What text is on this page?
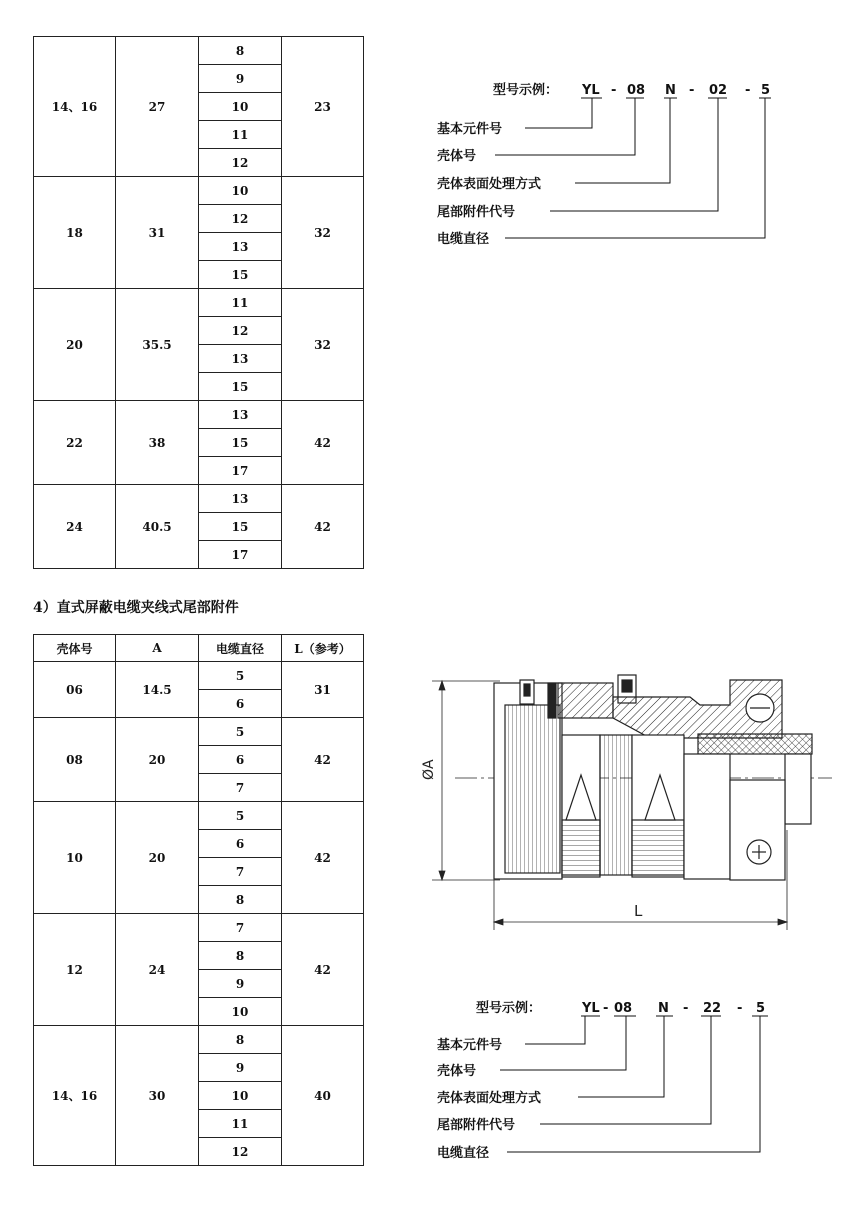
14、16	27	8	23
		9	
		10	
		11	
		12	
18	31	10	32
		12	
		13	
		15	
20	35.5	11	32
		12	
		13	
		15	
22	38	13	42
		15	
		17	
24	40.5	13	42
		15	
		17	
4）直式屏蔽电缆夹线式尾部附件
壳体号	A	电缆直径	L（参考）
06	14.5	5	31
		6	
08	20	5	42
		6	
		7	
10	20	5	42
		6	
		7	
		8	
12	24	7	42
		8	
		9	
		10	
14、16	30	8	40
		9	
		10	
		11	
		12	
型号示例： YL - 08 N - 02 - 5
基本元件号
壳体号
壳体表面处理方式
尾部附件代号
电缆直径
ØA
L
型号示例：	YL - 08 N - 22 - 5
基本元件号
壳体号
壳体表面处理方式
尾部附件代号
电缆直径
